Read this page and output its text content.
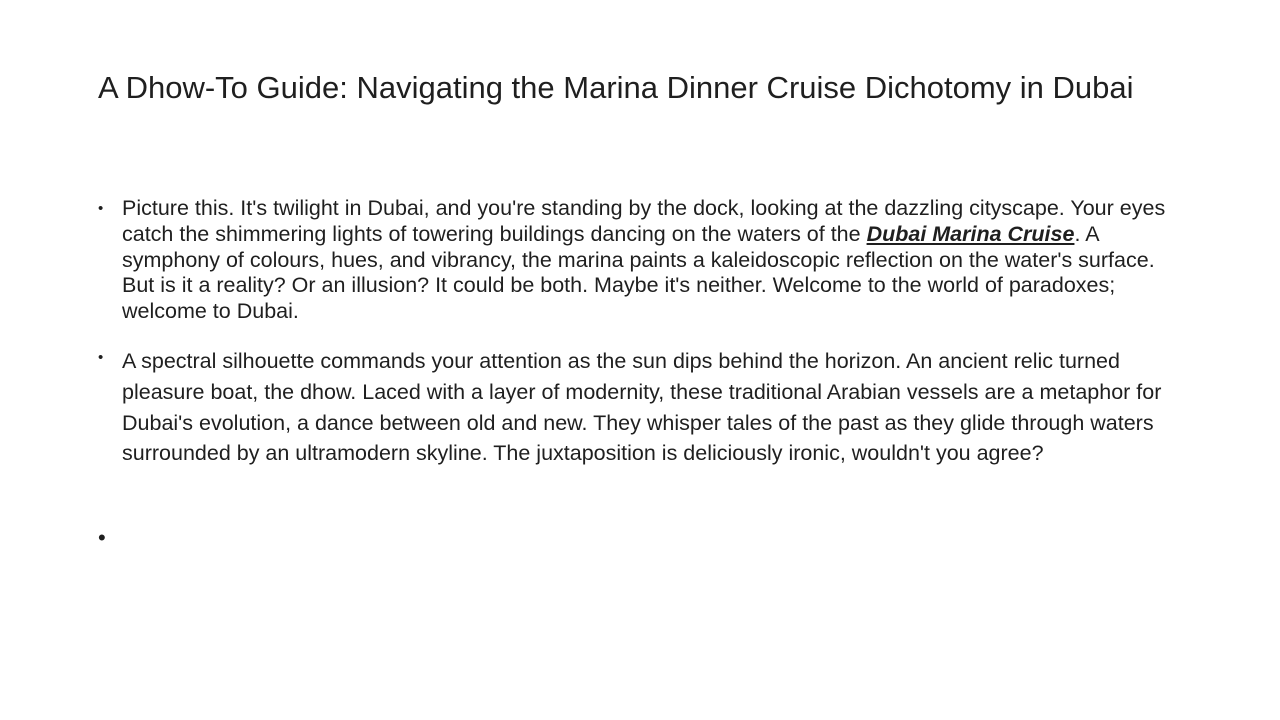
A Dhow-To Guide: Navigating the Marina Dinner Cruise Dichotomy in Dubai
• Picture this. It's twilight in Dubai, and you're standing by the dock, looking at the dazzling cityscape. Your eyes catch the shimmering lights of towering buildings dancing on the waters of the Dubai Marina Cruise. A symphony of colours, hues, and vibrancy, the marina paints a kaleidoscopic reflection on the water's surface. But is it a reality? Or an illusion? It could be both. Maybe it's neither. Welcome to the world of paradoxes; welcome to Dubai.
• A spectral silhouette commands your attention as the sun dips behind the horizon. An ancient relic turned pleasure boat, the dhow. Laced with a layer of modernity, these traditional Arabian vessels are a metaphor for Dubai's evolution, a dance between old and new. They whisper tales of the past as they glide through waters surrounded by an ultramodern skyline. The juxtaposition is deliciously ironic, wouldn't you agree?
•
